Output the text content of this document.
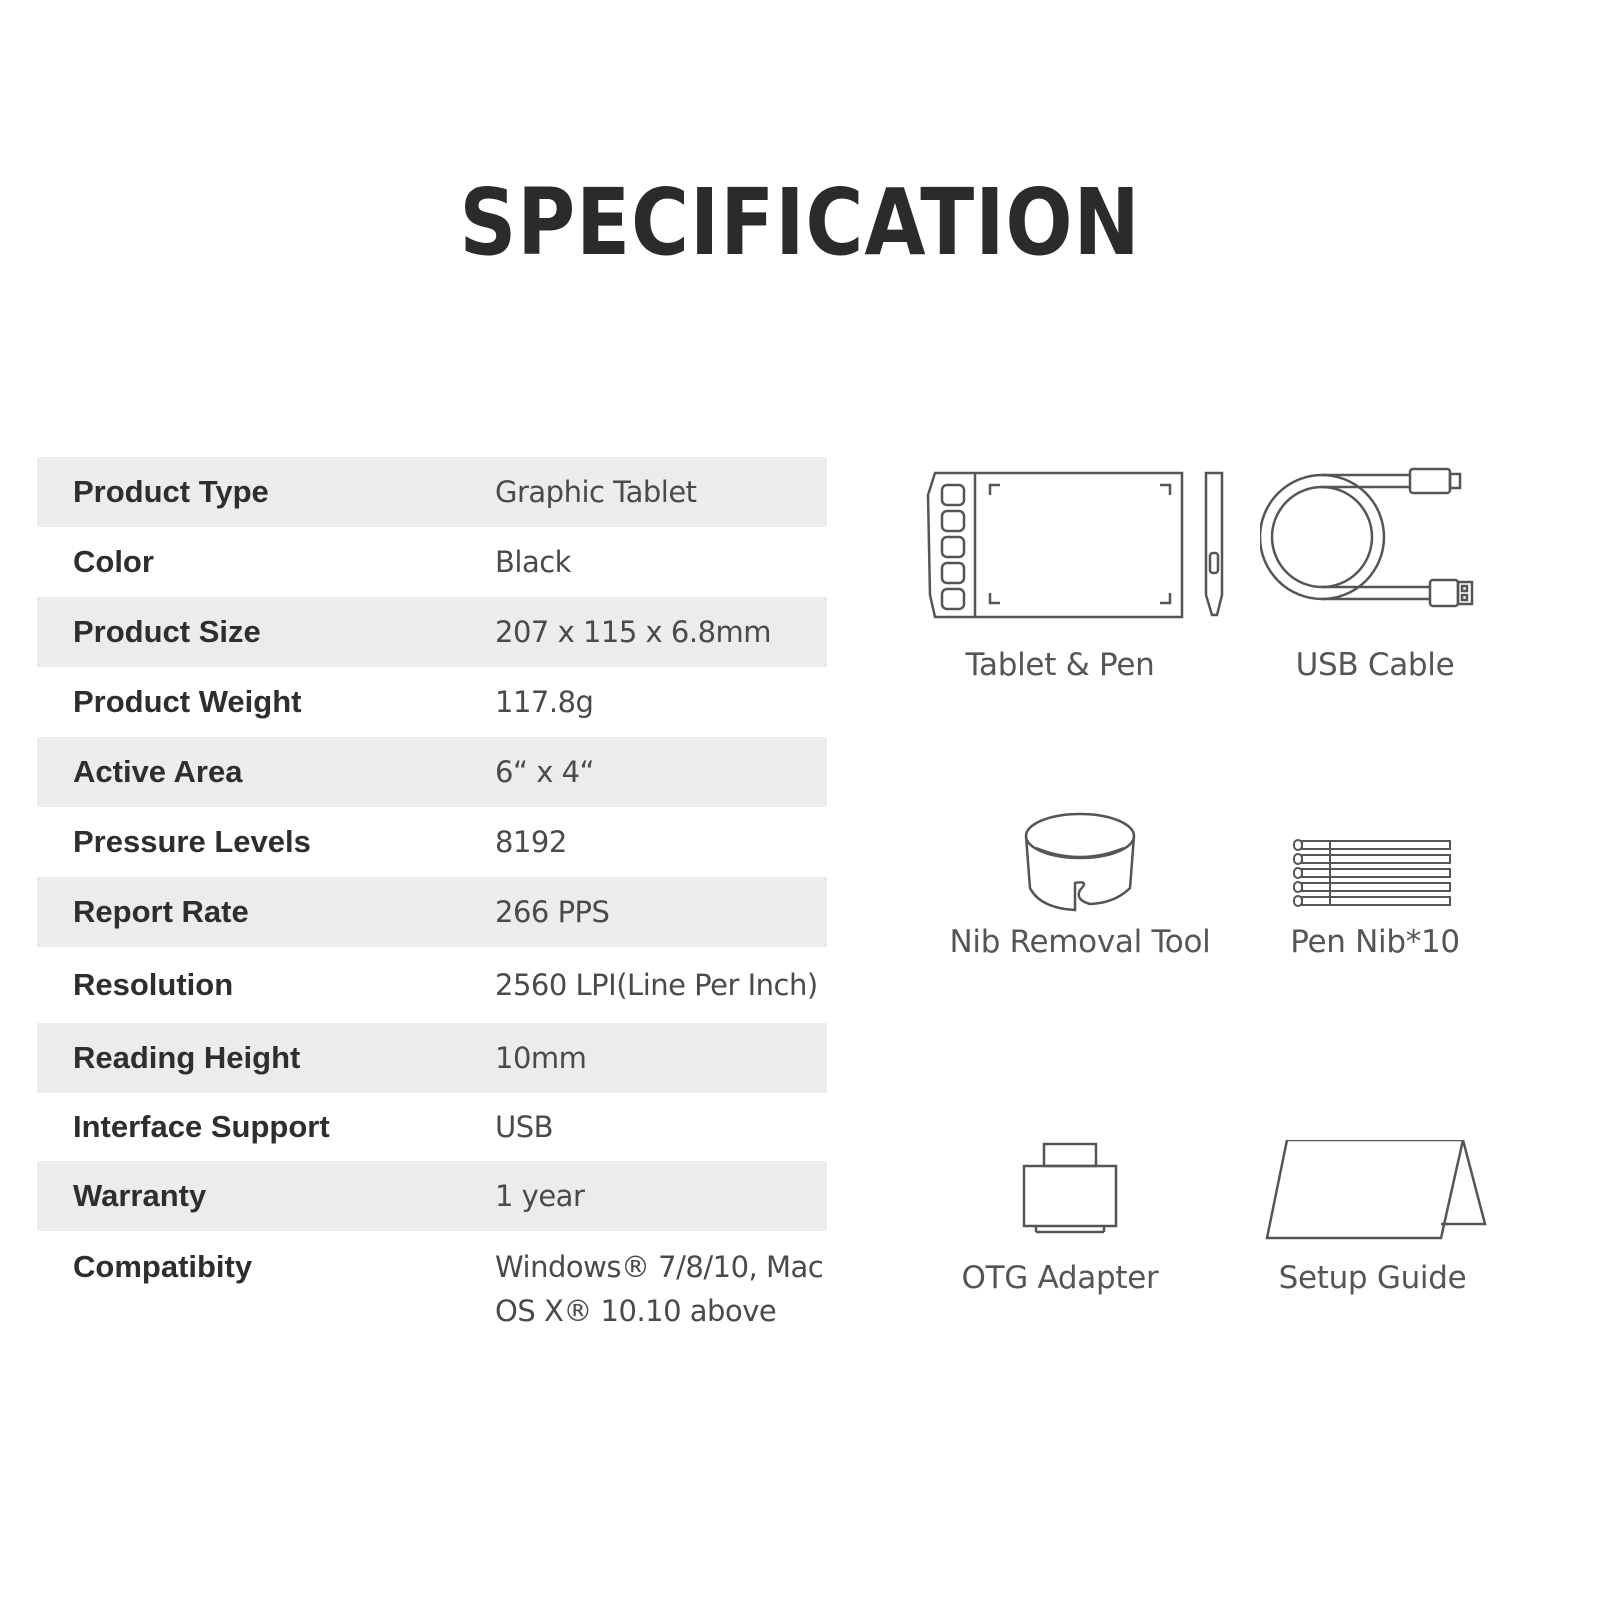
SPECIFICATION
Product Type	Graphic Tablet
Color	Black
Product Size	207 x 115 x 6.8mm
Product Weight	117.8g
Active Area	6“ x 4“
Pressure Levels	8192
Report Rate	266 PPS
Resolution	2560 LPI(Line Per Inch)
Reading Height	10mm
Interface Support	USB
Warranty	1 year
Compatibity	Windows® 7/8/10, Mac OS X® 10.10 above
Tablet & Pen	USB Cable
Nib Removal Tool	Pen Nib*10
OTG Adapter	Setup Guide
